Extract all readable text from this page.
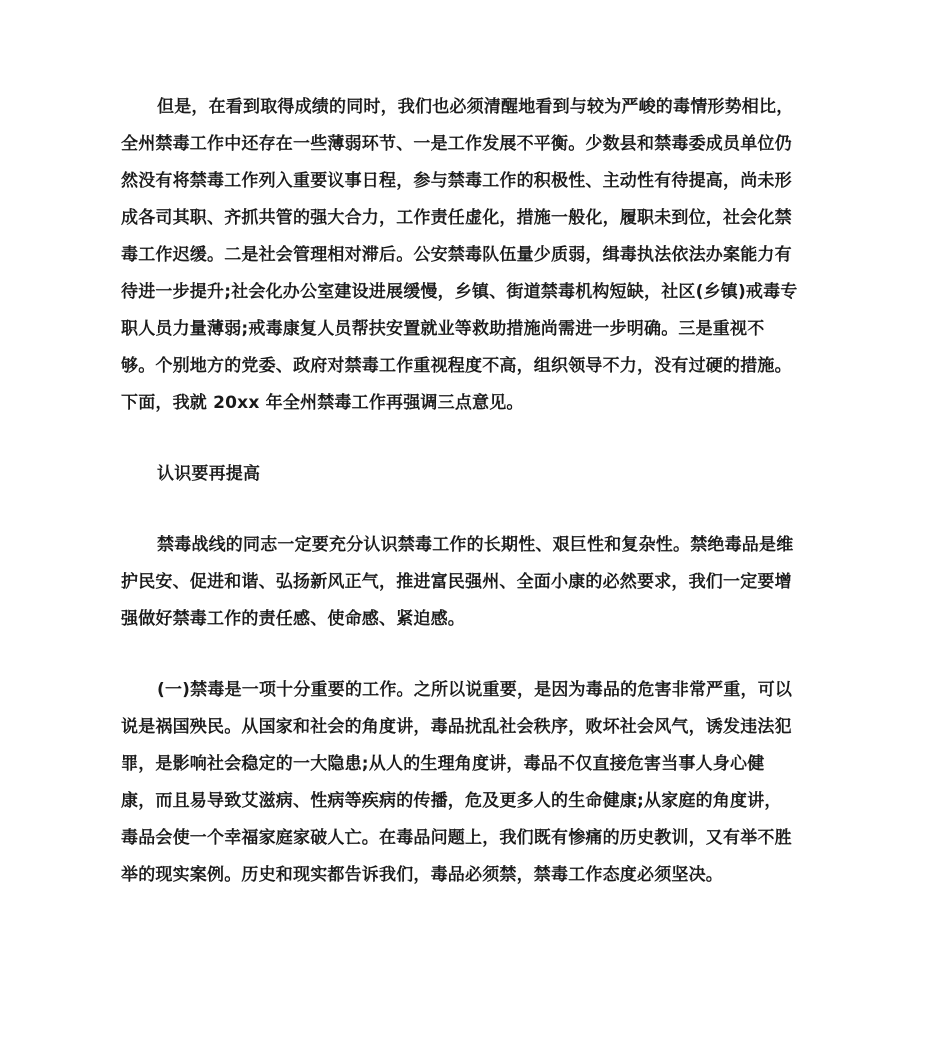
但是，在看到取得成绩的同时，我们也必须清醒地看到与较为严峻的毒情形势相比，
全州禁毒工作中还存在一些薄弱环节、一是工作发展不平衡。少数县和禁毒委成员单位仍
然没有将禁毒工作列入重要议事日程，参与禁毒工作的积极性、主动性有待提高，尚未形
成各司其职、齐抓共管的强大合力，工作责任虚化，措施一般化，履职未到位，社会化禁
毒工作迟缓。二是社会管理相对滞后。公安禁毒队伍量少质弱，缉毒执法依法办案能力有
待进一步提升;社会化办公室建设进展缓慢，乡镇、街道禁毒机构短缺，社区(乡镇)戒毒专
职人员力量薄弱;戒毒康复人员帮扶安置就业等救助措施尚需进一步明确。三是重视不
够。个别地方的党委、政府对禁毒工作重视程度不高，组织领导不力，没有过硬的措施。
下面，我就 20xx 年全州禁毒工作再强调三点意见。
认识要再提高
禁毒战线的同志一定要充分认识禁毒工作的长期性、艰巨性和复杂性。禁绝毒品是维
护民安、促进和谐、弘扬新风正气，推进富民强州、全面小康的必然要求，我们一定要增
强做好禁毒工作的责任感、使命感、紧迫感。
(一)禁毒是一项十分重要的工作。之所以说重要，是因为毒品的危害非常严重，可以
说是祸国殃民。从国家和社会的角度讲，毒品扰乱社会秩序，败坏社会风气，诱发违法犯
罪，是影响社会稳定的一大隐患;从人的生理角度讲，毒品不仅直接危害当事人身心健
康，而且易导致艾滋病、性病等疾病的传播，危及更多人的生命健康;从家庭的角度讲，
毒品会使一个幸福家庭家破人亡。在毒品问题上，我们既有惨痛的历史教训，又有举不胜
举的现实案例。历史和现实都告诉我们，毒品必须禁，禁毒工作态度必须坚决。
